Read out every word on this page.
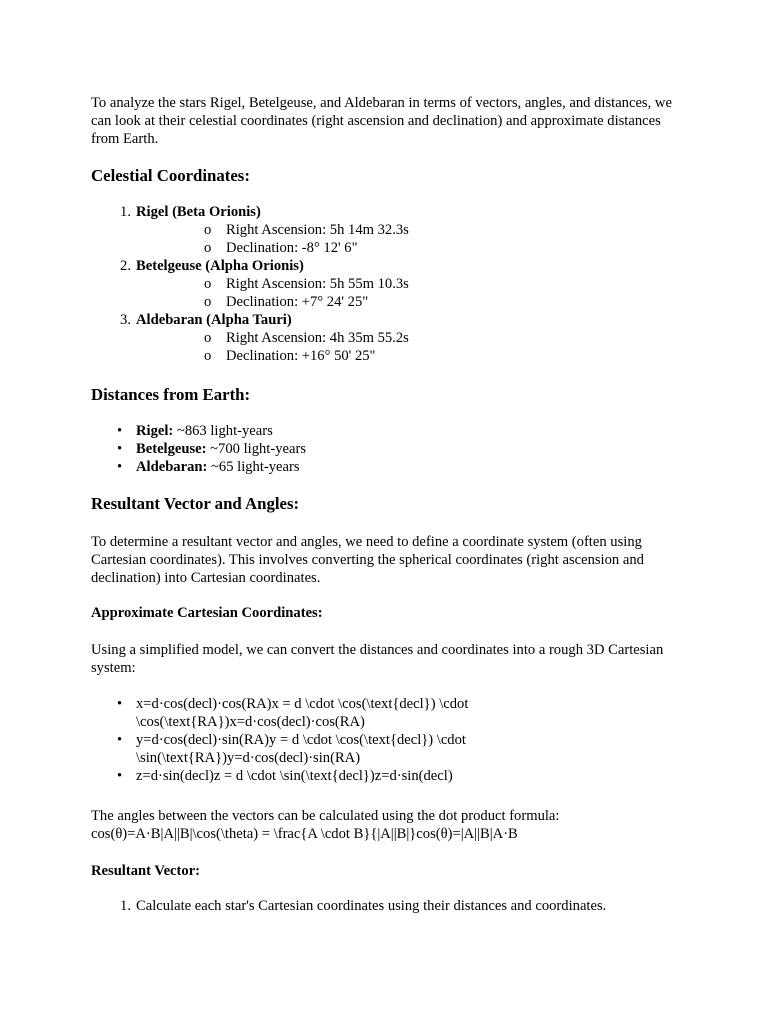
To analyze the stars Rigel, Betelgeuse, and Aldebaran in terms of vectors, angles, and distances, we can look at their celestial coordinates (right ascension and declination) and approximate distances from Earth.

Celestial Coordinates:
1. Rigel (Beta Orionis)
o Right Ascension: 5h 14m 32.3s
o Declination: -8° 12' 6"
2. Betelgeuse (Alpha Orionis)
o Right Ascension: 5h 55m 10.3s
o Declination: +7° 24' 25"
3. Aldebaran (Alpha Tauri)
o Right Ascension: 4h 35m 55.2s
o Declination: +16° 50' 25"
Distances from Earth:
• Rigel: ~863 light-years
• Betelgeuse: ~700 light-years
• Aldebaran: ~65 light-years
Resultant Vector and Angles:

To determine a resultant vector and angles, we need to define a coordinate system (often using Cartesian coordinates). This involves converting the spherical coordinates (right ascension and declination) into Cartesian coordinates.

Approximate Cartesian Coordinates:

Using a simplified model, we can convert the distances and coordinates into a rough 3D Cartesian system:

• x=d·cos(decl)·cos(RA)x = d \cdot \cos(\text{decl}) \cdot \cos(\text{RA})x=d·cos(decl)·cos(RA)
• y=d·cos(decl)·sin(RA)y = d \cdot \cos(\text{decl}) \cdot \sin(\text{RA})y=d·cos(decl)·sin(RA)
• z=d·sin(decl)z = d \cdot \sin(\text{decl})z=d·sin(decl)

The angles between the vectors can be calculated using the dot product formula:
cos(θ)=A·B|A||B|\cos(\theta) = \frac{A \cdot B}{|A||B|}cos(θ)=|A||B|A·B

Resultant Vector:
1. Calculate each star's Cartesian coordinates using their distances and coordinates.
